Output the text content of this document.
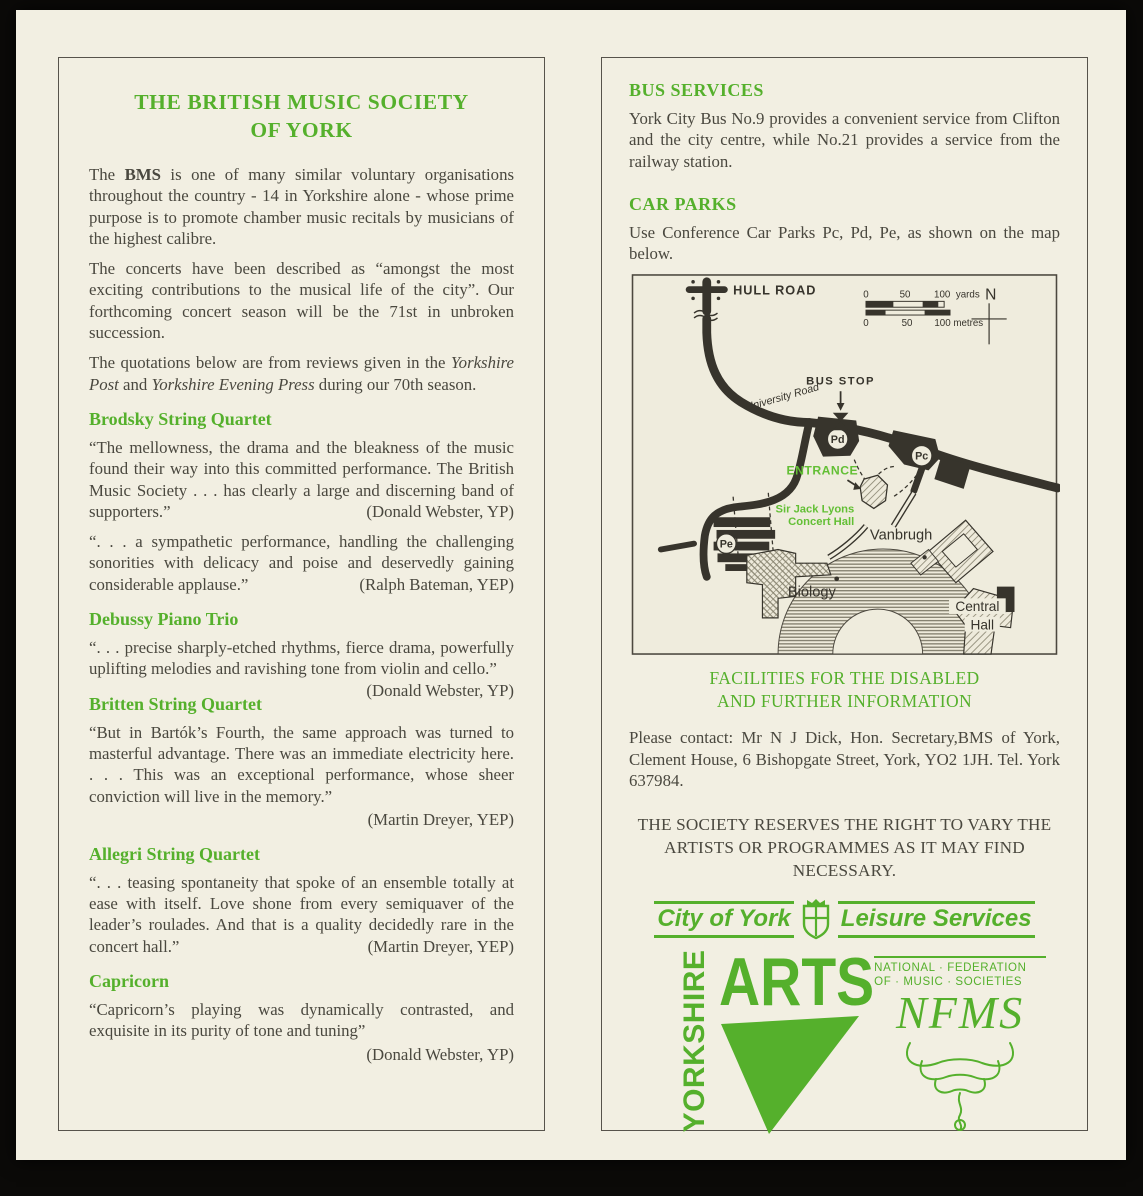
THE BRITISH MUSIC SOCIETY
OF YORK

The BMS is one of many similar voluntary organisations throughout the country - 14 in Yorkshire alone - whose prime purpose is to promote chamber music recitals by musicians of the highest calibre.

The concerts have been described as “amongst the most exciting contributions to the musical life of the city”. Our forthcoming concert season will be the 71st in unbroken succession.

The quotations below are from reviews given in the Yorkshire Post and Yorkshire Evening Press during our 70th season.

Brodsky String Quartet

“The mellowness, the drama and the bleakness of the music found their way into this committed performance. The British Music Society . . . has clearly a large and discerning band of supporters.”	(Donald Webster, YP)

“. . . a sympathetic performance, handling the challenging sonorities with delicacy and poise and deservedly gaining considerable applause.”	(Ralph Bateman, YEP)

Debussy Piano Trio

“. . . precise sharply-etched rhythms, fierce drama, powerfully uplifting melodies and ravishing tone from violin and cello.”
(Donald Webster, YP)

Britten String Quartet

“But in Bartók’s Fourth, the same approach was turned to masterful advantage. There was an immediate electricity here. . . . This was an exceptional performance, whose sheer conviction will live in the memory.”

(Martin Dreyer, YEP)

Allegri String Quartet

“. . . teasing spontaneity that spoke of an ensemble totally at ease with itself. Love shone from every semiquaver of the leader’s roulades. And that is a quality decidedly rare in the concert hall.”	(Martin Dreyer, YEP)

Capricorn

“Capricorn’s playing was dynamically contrasted, and exquisite in its purity of tone and tuning”

(Donald Webster, YP)

BUS SERVICES

York City Bus No.9 provides a convenient service from Clifton and the city centre, while No.21 provides a service from the railway station.

CAR PARKS

Use Conference Car Parks Pc, Pd, Pe, as shown on the map below.

Pd
Pc
Pe
BUS STOP
ENTRANCE
Sir Jack Lyons
Concert Hall
Vanbrugh
Biology
Central
Hall
HULL ROAD
University Road
0	50 100 yards
0	50 100 metres
N
FACILITIES FOR THE DISABLED
AND FURTHER INFORMATION

Please contact: Mr N J Dick, Hon. Secretary,BMS of York, Clement House, 6 Bishopgate Street, York, YO2 1JH. Tel. York 637984.

THE SOCIETY RESERVES THE RIGHT TO VARY THE ARTISTS OR PROGRAMMES AS IT MAY FIND NECESSARY.

City of York Leisure Services
YORKSHIRE ARTS NATIONAL · FEDERATION
OF · MUSIC · SOCIETIES
NFMS
